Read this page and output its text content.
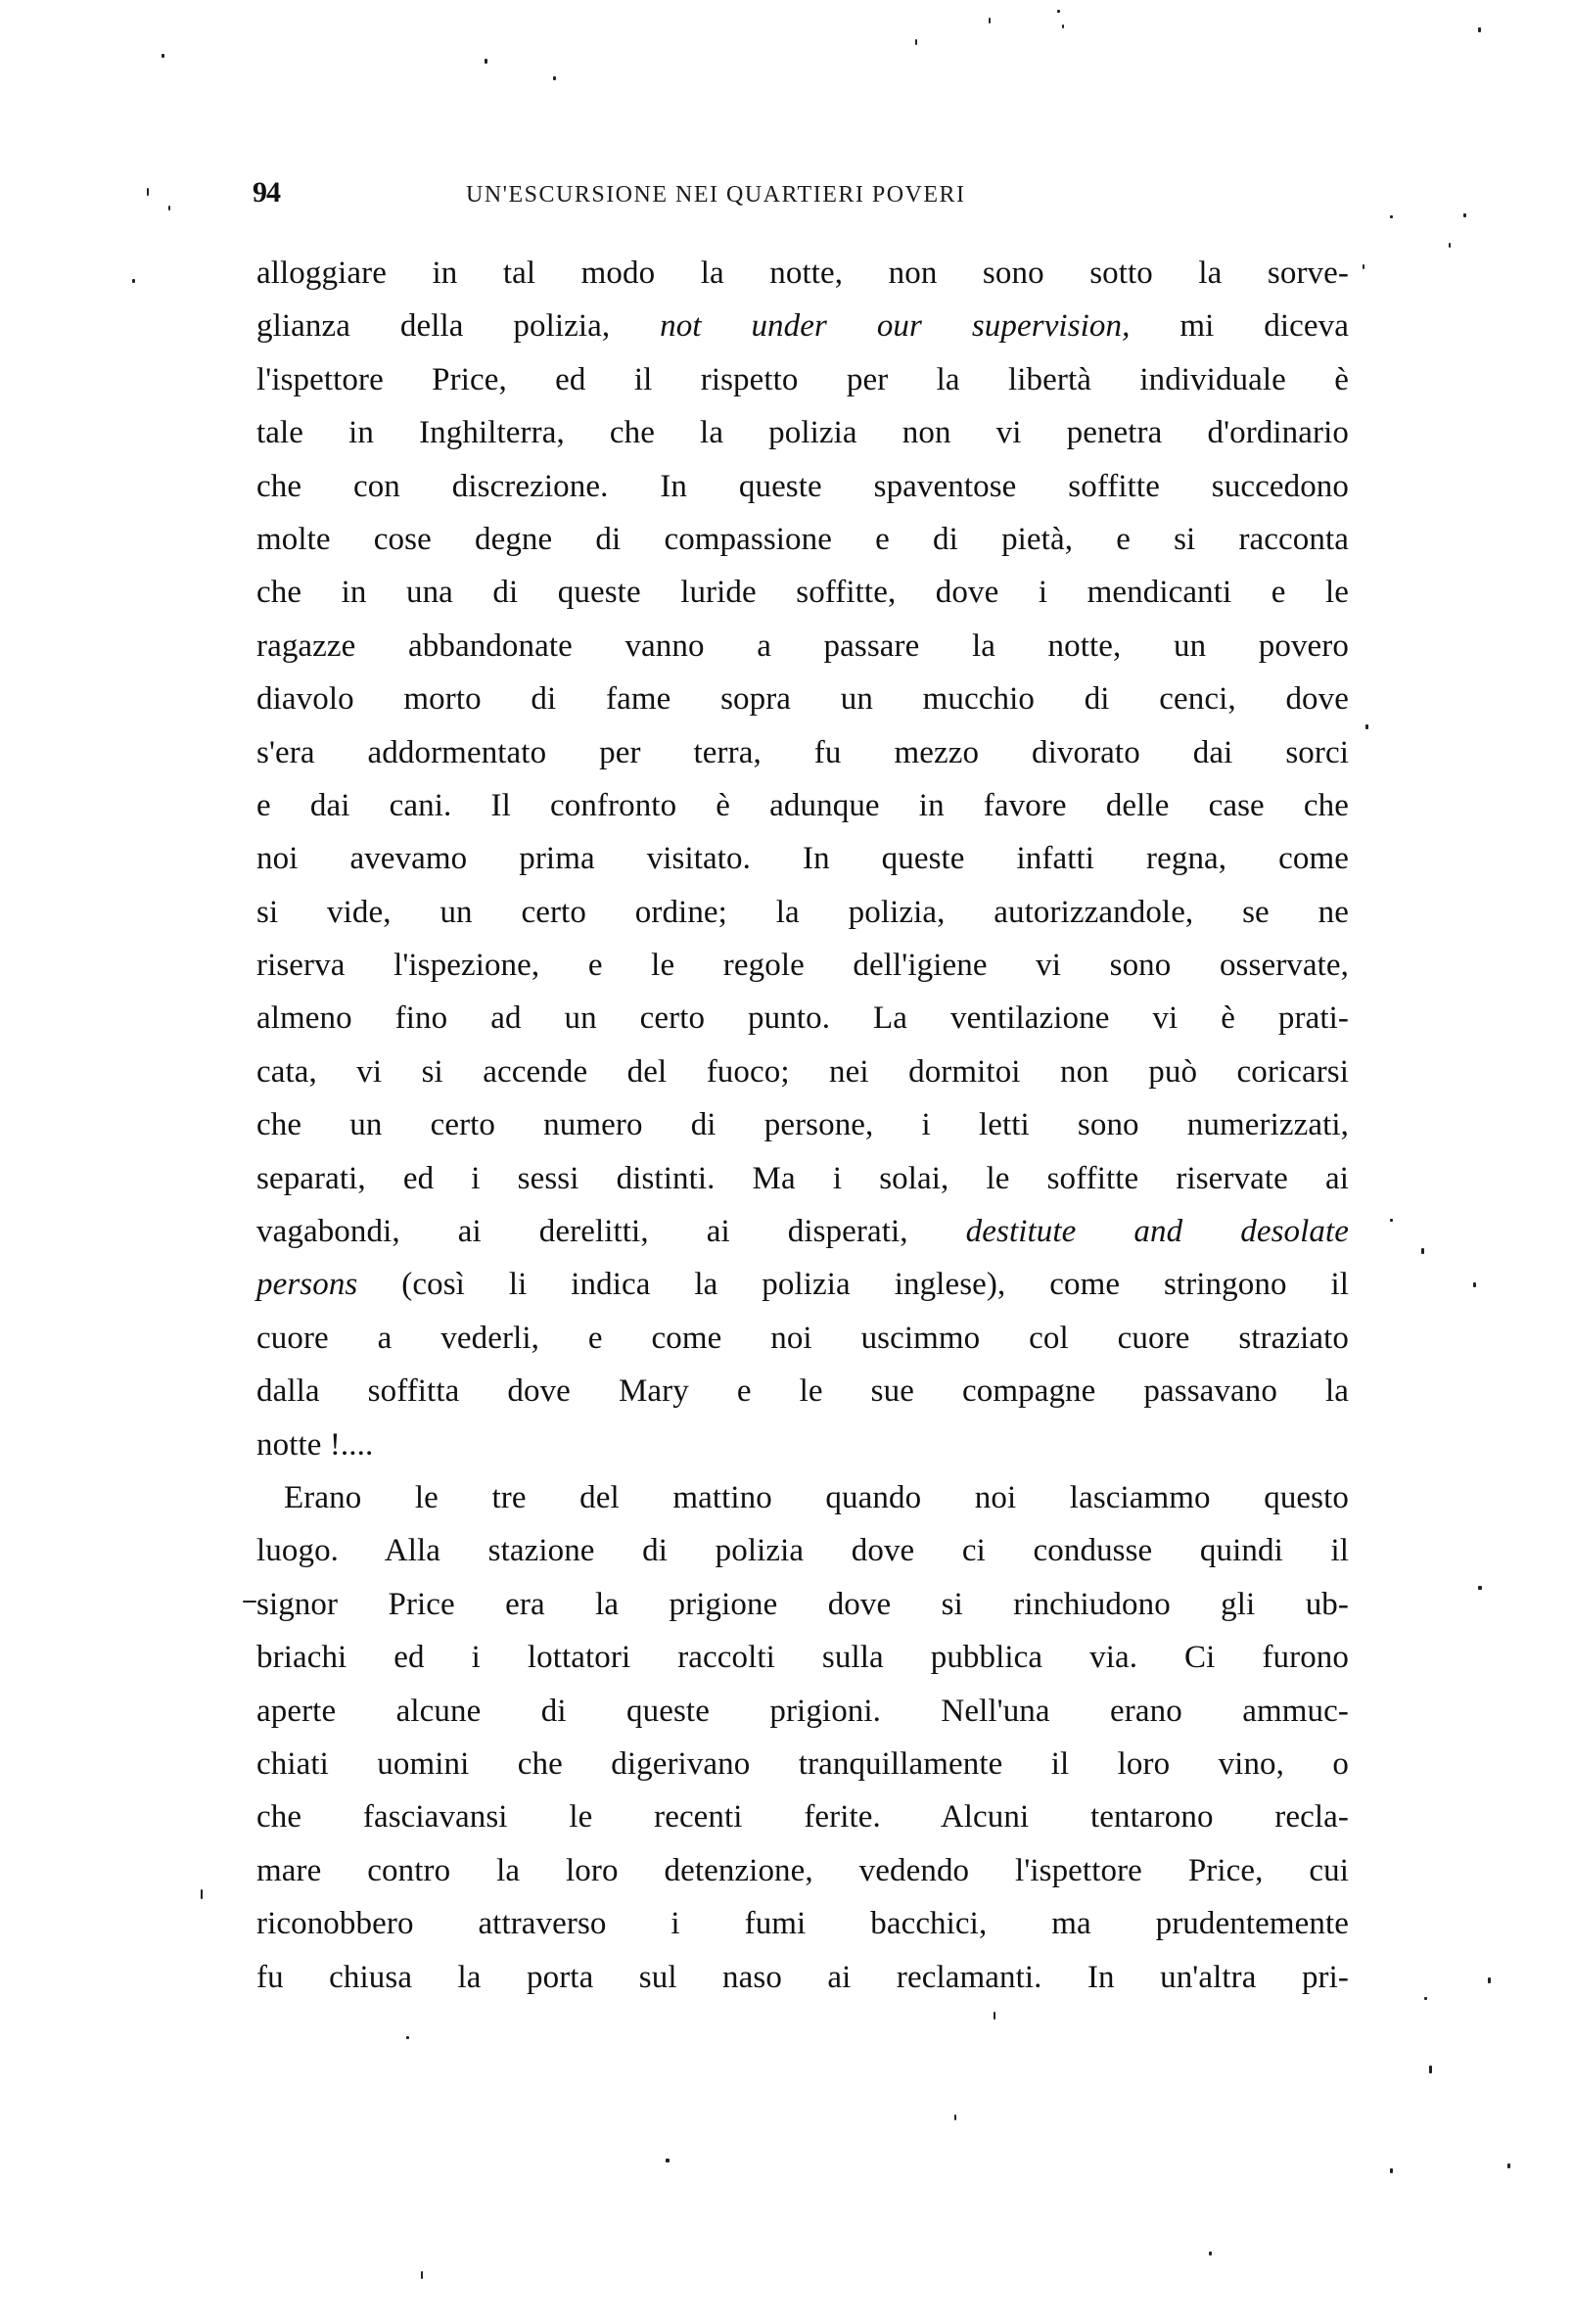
94	UN'ESCURSIONE NEI QUARTIERI POVERI
alloggiare in tal modo la notte, non sono sotto la sorve-
glianza della polizia, not under our supervision, mi diceva
l'ispettore Price, ed il rispetto per la libertà individuale è
tale in Inghilterra, che la polizia non vi penetra d'ordinario
che con discrezione. In queste spaventose soffitte succedono
molte cose degne di compassione e di pietà, e si racconta
che in una di queste luride soffitte, dove i mendicanti e le
ragazze abbandonate vanno a passare la notte, un povero
diavolo morto di fame sopra un mucchio di cenci, dove
s'era addormentato per terra, fu mezzo divorato dai sorci
e dai cani. Il confronto è adunque in favore delle case che
noi avevamo prima visitato. In queste infatti regna, come
si vide, un certo ordine; la polizia, autorizzandole, se ne
riserva l'ispezione, e le regole dell'igiene vi sono osservate,
almeno fino ad un certo punto. La ventilazione vi è prati-
cata, vi si accende del fuoco; nei dormitoi non può coricarsi
che un certo numero di persone, i letti sono numerizzati,
separati, ed i sessi distinti. Ma i solai, le soffitte riservate ai
vagabondi, ai derelitti, ai disperati, destitute and desolate
persons (così li indica la polizia inglese), come stringono il
cuore a vederli, e come noi uscimmo col cuore straziato
dalla soffitta dove Mary e le sue compagne passavano la
notte !....
Erano le tre del mattino quando noi lasciammo questo
luogo. Alla stazione di polizia dove ci condusse quindi il
signor Price era la prigione dove si rinchiudono gli ub-
briachi ed i lottatori raccolti sulla pubblica via. Ci furono
aperte alcune di queste prigioni. Nell'una erano ammuc-
chiati uomini che digerivano tranquillamente il loro vino, o
che fasciavansi le recenti ferite. Alcuni tentarono recla-
mare contro la loro detenzione, vedendo l'ispettore Price, cui
riconobbero attraverso i fumi bacchici, ma prudentemente
fu chiusa la porta sul naso ai reclamanti. In un'altra pri-
